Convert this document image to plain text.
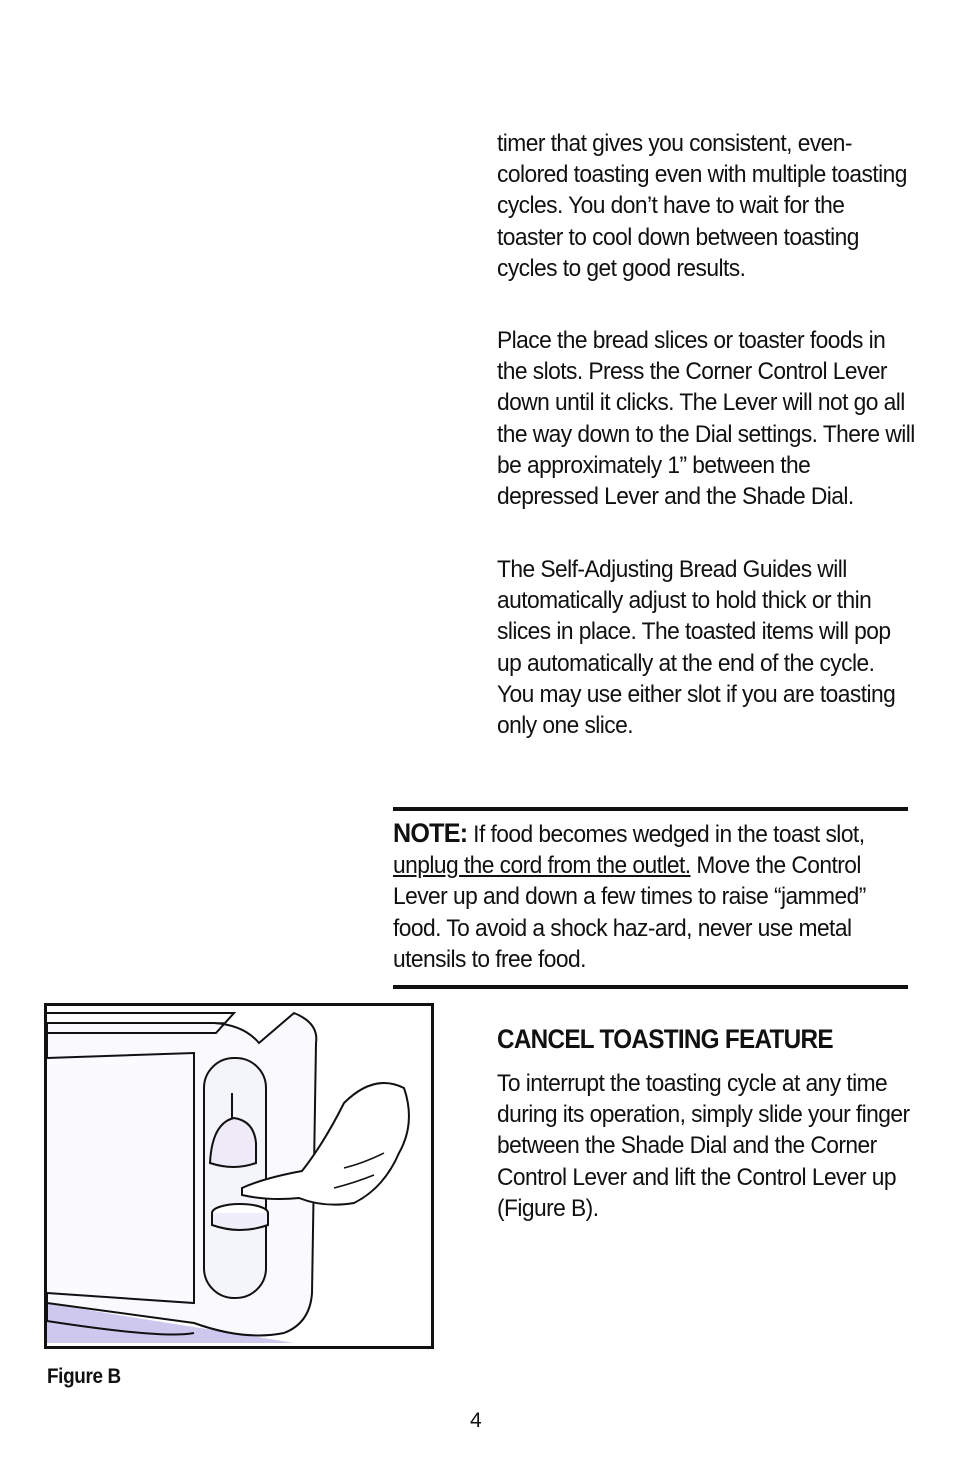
timer that gives you consistent, even-colored toasting even with multiple toasting cycles. You don’t have to wait for the toaster to cool down between toasting cycles to get good results.

Place the bread slices or toaster foods in the slots. Press the Corner Control Lever down until it clicks. The Lever will not go all the way down to the Dial settings. There will be approximately 1” between the depressed Lever and the Shade Dial.

The Self-Adjusting Bread Guides will automatically adjust to hold thick or thin slices in place. The toasted items will pop up automatically at the end of the cycle. You may use either slot if you are toasting only one slice.

NOTE: If food becomes wedged in the toast slot, unplug the cord from the outlet. Move the Control Lever up and down a few times to raise “jammed” food. To avoid a shock haz-ard, never use metal utensils to free food.

CANCEL TOASTING FEATURE

To interrupt the toasting cycle at any time during its operation, simply slide your finger between the Shade Dial and the Corner Control Lever and lift the Control Lever up (Figure B).

Figure B

4
